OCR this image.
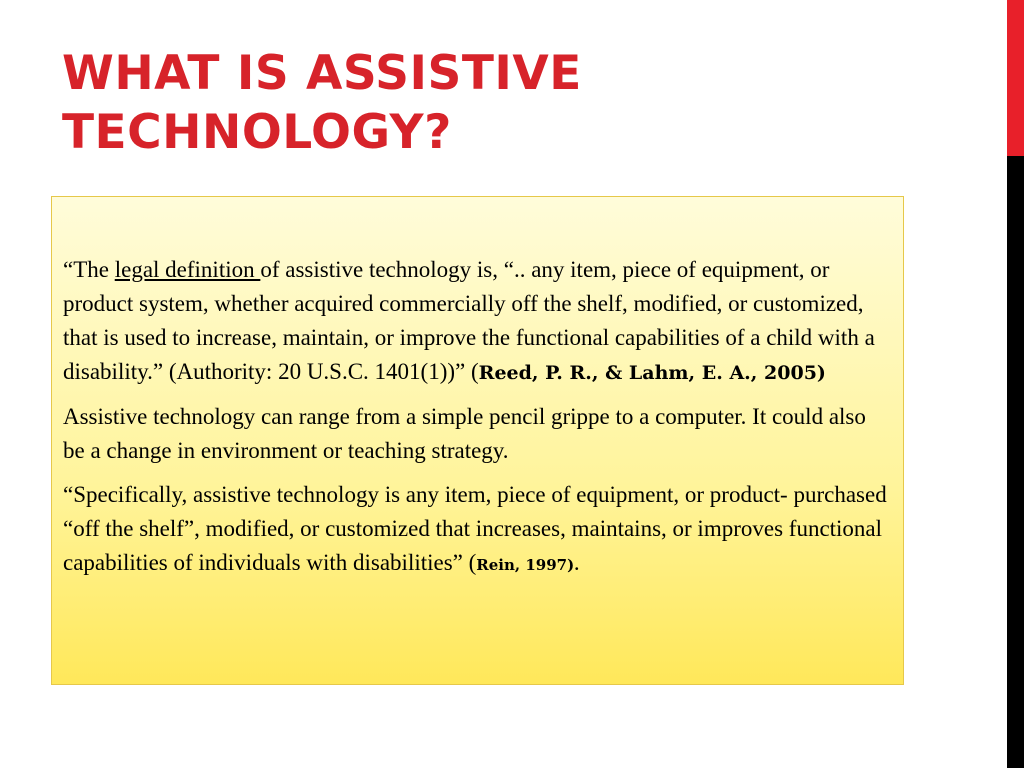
WHAT IS ASSISTIVE TECHNOLOGY?

“The legal definition of assistive technology is, “.. any item, piece of equipment, or product system, whether acquired commercially off the shelf, modified, or customized, that is used to increase, maintain, or improve the functional capabilities of a child with a disability.” (Authority: 20 U.S.C. 1401(1))” (Reed, P. R., & Lahm, E. A., 2005)

Assistive technology can range from a simple pencil grippe to a computer. It could also be a change in environment or teaching strategy.

“Specifically, assistive technology is any item, piece of equipment, or product- purchased “off the shelf”, modified, or customized that increases, maintains, or improves functional capabilities of individuals with disabilities” (Rein, 1997).
